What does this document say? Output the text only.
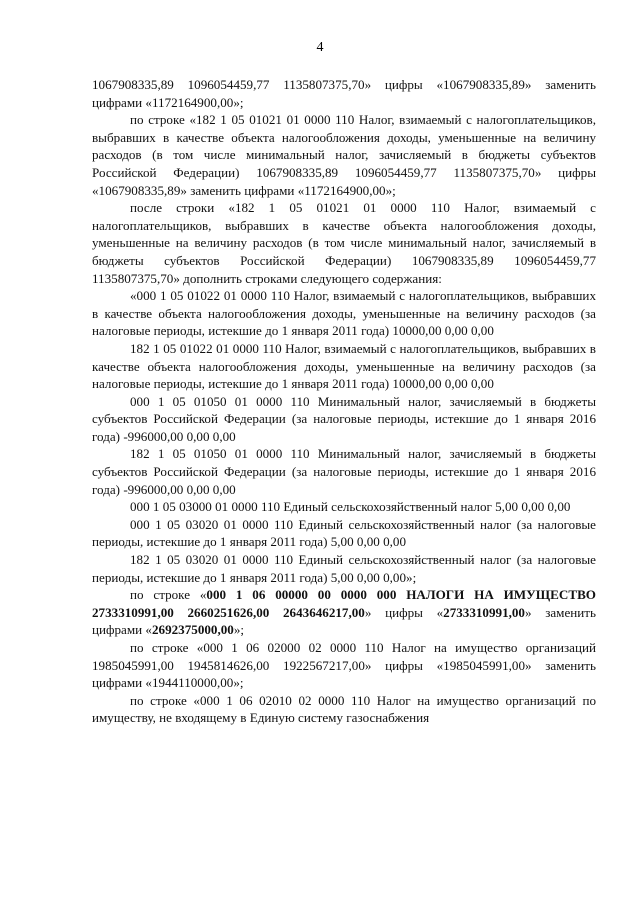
4

1067908335,89 1096054459,77 1135807375,70» цифры «1067908335,89» заменить цифрами «1172164900,00»;

по строке «182 1 05 01021 01 0000 110 Налог, взимаемый с налогоплательщиков, выбравших в качестве объекта налогообложения доходы, уменьшенные на величину расходов (в том числе минимальный налог, зачисляемый в бюджеты субъектов Российской Федерации) 1067908335,89 1096054459,77 1135807375,70» цифры «1067908335,89» заменить цифрами «1172164900,00»;

после строки «182 1 05 01021 01 0000 110 Налог, взимаемый с налогоплательщиков, выбравших в качестве объекта налогообложения доходы, уменьшенные на величину расходов (в том числе минимальный налог, зачисляемый в бюджеты субъектов Российской Федерации) 1067908335,89 1096054459,77 1135807375,70» дополнить строками следующего содержания:

«000 1 05 01022 01 0000 110 Налог, взимаемый с налогоплательщиков, выбравших в качестве объекта налогообложения доходы, уменьшенные на величину расходов (за налоговые периоды, истекшие до 1 января 2011 года) 10000,00 0,00 0,00

182 1 05 01022 01 0000 110 Налог, взимаемый с налогоплательщиков, выбравших в качестве объекта налогообложения доходы, уменьшенные на величину расходов (за налоговые периоды, истекшие до 1 января 2011 года) 10000,00 0,00 0,00

000 1 05 01050 01 0000 110 Минимальный налог, зачисляемый в бюджеты субъектов Российской Федерации (за налоговые периоды, истекшие до 1 января 2016 года) -996000,00 0,00 0,00

182 1 05 01050 01 0000 110 Минимальный налог, зачисляемый в бюджеты субъектов Российской Федерации (за налоговые периоды, истекшие до 1 января 2016 года) -996000,00 0,00 0,00

000 1 05 03000 01 0000 110 Единый сельскохозяйственный налог 5,00 0,00 0,00

000 1 05 03020 01 0000 110 Единый сельскохозяйственный налог (за налоговые периоды, истекшие до 1 января 2011 года) 5,00 0,00 0,00

182 1 05 03020 01 0000 110 Единый сельскохозяйственный налог (за налоговые периоды, истекшие до 1 января 2011 года) 5,00 0,00 0,00»;

по строке «000 1 06 00000 00 0000 000 НАЛОГИ НА ИМУЩЕСТВО 2733310991,00 2660251626,00 2643646217,00» цифры «2733310991,00» заменить цифрами «2692375000,00»;

по строке «000 1 06 02000 02 0000 110 Налог на имущество организаций 1985045991,00 1945814626,00 1922567217,00» цифры «1985045991,00» заменить цифрами «1944110000,00»;

по строке «000 1 06 02010 02 0000 110 Налог на имущество организаций по имуществу, не входящему в Единую систему газоснабжения
